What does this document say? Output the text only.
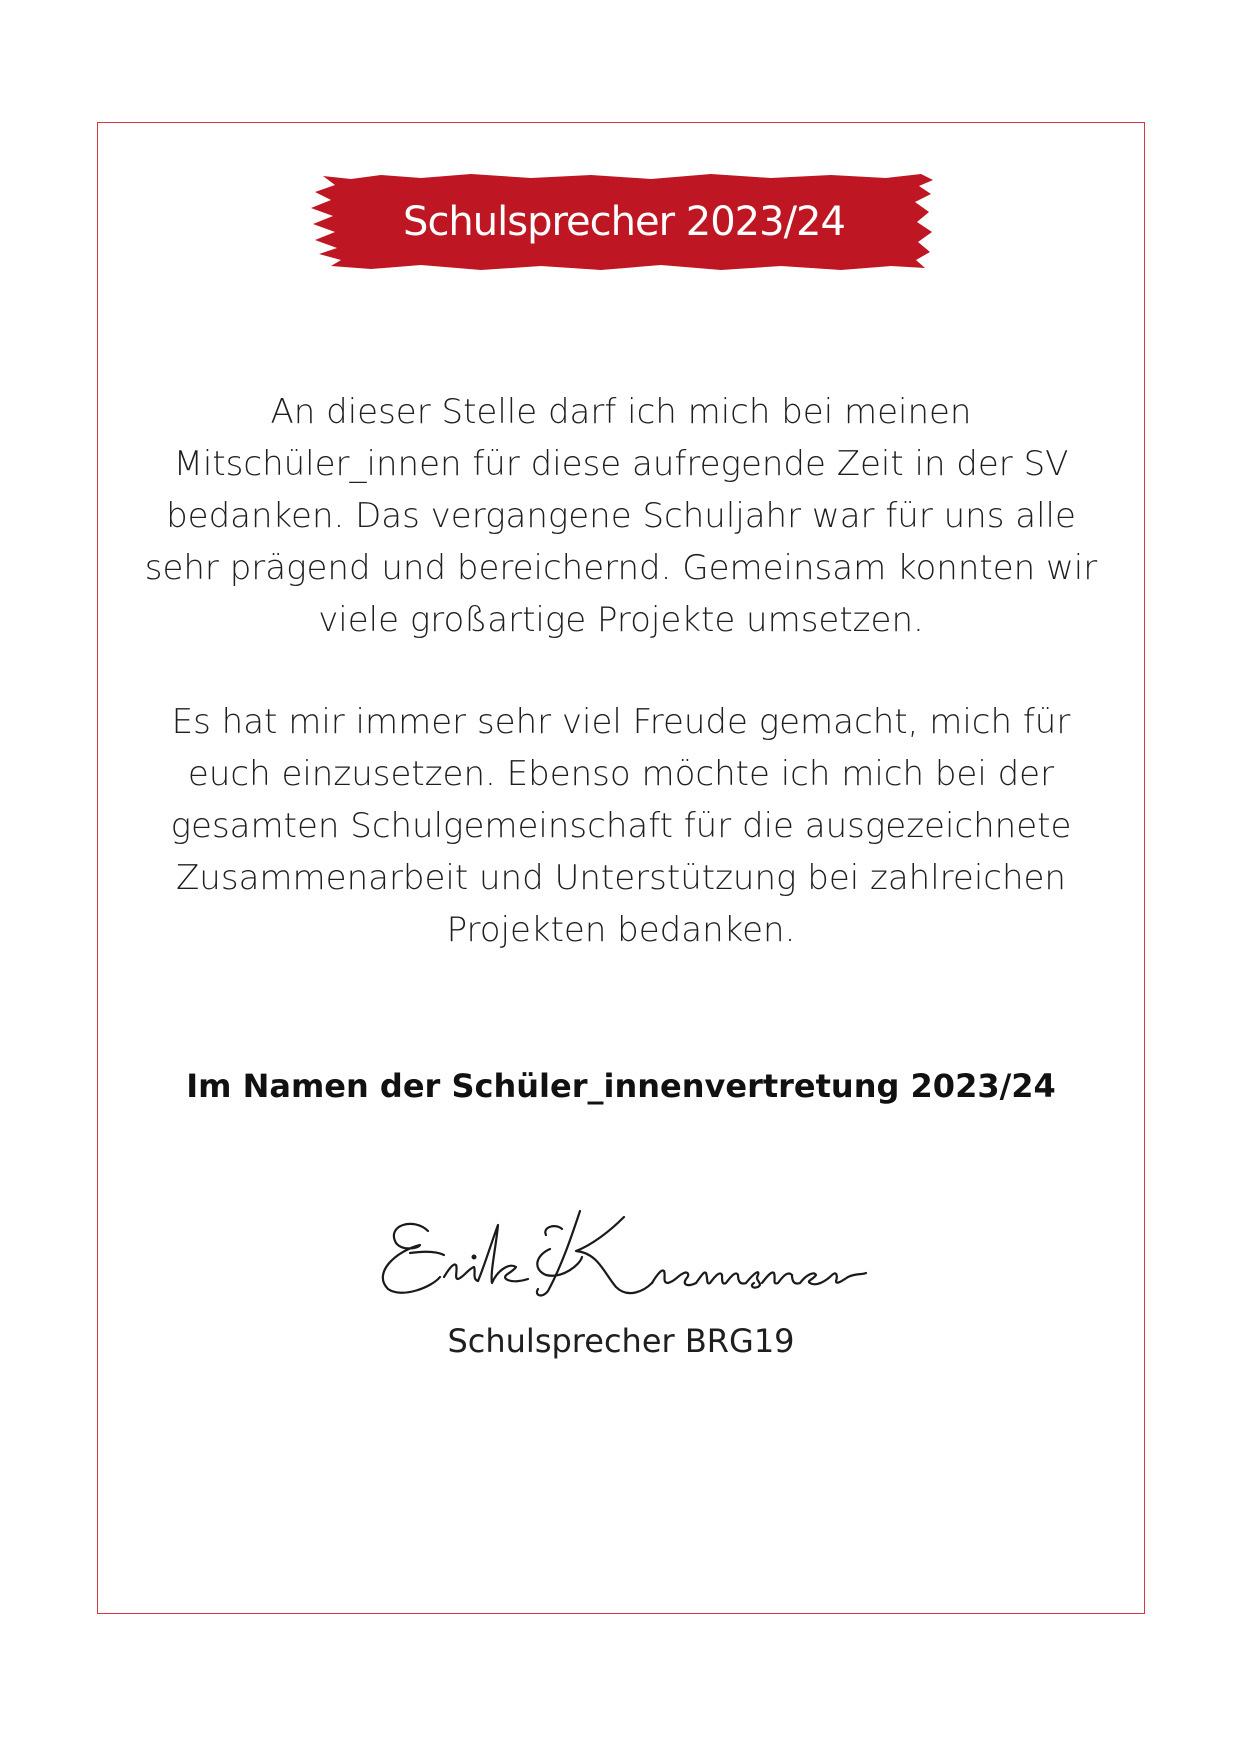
Schulsprecher 2023/24
An dieser Stelle darf ich mich bei meinen
Mitschüler_innen für diese aufregende Zeit in der SV
bedanken. Das vergangene Schuljahr war für uns alle
sehr prägend und bereichernd. Gemeinsam konnten wir
viele großartige Projekte umsetzen.
Es hat mir immer sehr viel Freude gemacht, mich für
euch einzusetzen. Ebenso möchte ich mich bei der
gesamten Schulgemeinschaft für die ausgezeichnete
Zusammenarbeit und Unterstützung bei zahlreichen
Projekten bedanken.
Im Namen der Schüler_innenvertretung 2023/24
Schulsprecher BRG19
